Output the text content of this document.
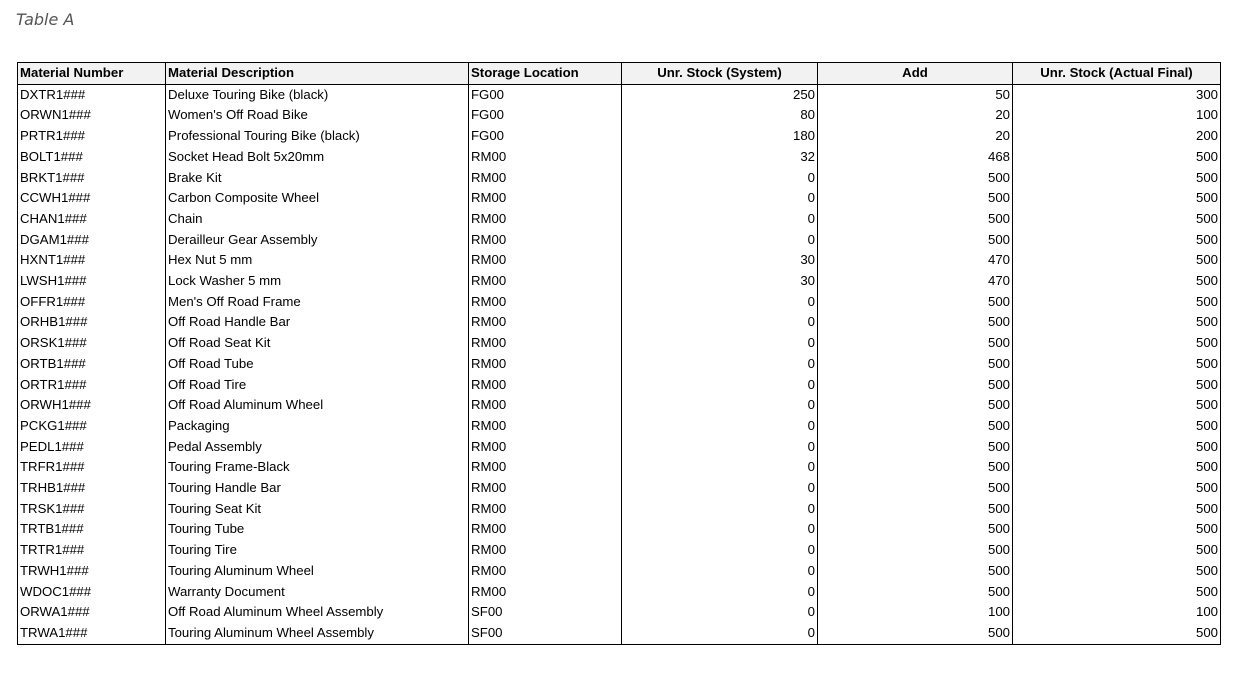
Table A
Material Number	Material Description	Storage Location	Unr. Stock (System)	Add	Unr. Stock (Actual Final)
DXTR1###	Deluxe Touring Bike (black)	FG00	250	50	300
ORWN1###	Women's Off Road Bike	FG00	80	20	100
PRTR1###	Professional Touring Bike (black)	FG00	180	20	200
BOLT1###	Socket Head Bolt 5x20mm	RM00	32	468	500
BRKT1###	Brake Kit	RM00	0	500	500
CCWH1###	Carbon Composite Wheel	RM00	0	500	500
CHAN1###	Chain	RM00	0	500	500
DGAM1###	Derailleur Gear Assembly	RM00	0	500	500
HXNT1###	Hex Nut 5 mm	RM00	30	470	500
LWSH1###	Lock Washer 5 mm	RM00	30	470	500
OFFR1###	Men's Off Road Frame	RM00	0	500	500
ORHB1###	Off Road Handle Bar	RM00	0	500	500
ORSK1###	Off Road Seat Kit	RM00	0	500	500
ORTB1###	Off Road Tube	RM00	0	500	500
ORTR1###	Off Road Tire	RM00	0	500	500
ORWH1###	Off Road Aluminum Wheel	RM00	0	500	500
PCKG1###	Packaging	RM00	0	500	500
PEDL1###	Pedal Assembly	RM00	0	500	500
TRFR1###	Touring Frame-Black	RM00	0	500	500
TRHB1###	Touring Handle Bar	RM00	0	500	500
TRSK1###	Touring Seat Kit	RM00	0	500	500
TRTB1###	Touring Tube	RM00	0	500	500
TRTR1###	Touring Tire	RM00	0	500	500
TRWH1###	Touring Aluminum Wheel	RM00	0	500	500
WDOC1###	Warranty Document	RM00	0	500	500
ORWA1###	Off Road Aluminum Wheel Assembly	SF00	0	100	100
TRWA1###	Touring Aluminum Wheel Assembly	SF00	0	500	500
